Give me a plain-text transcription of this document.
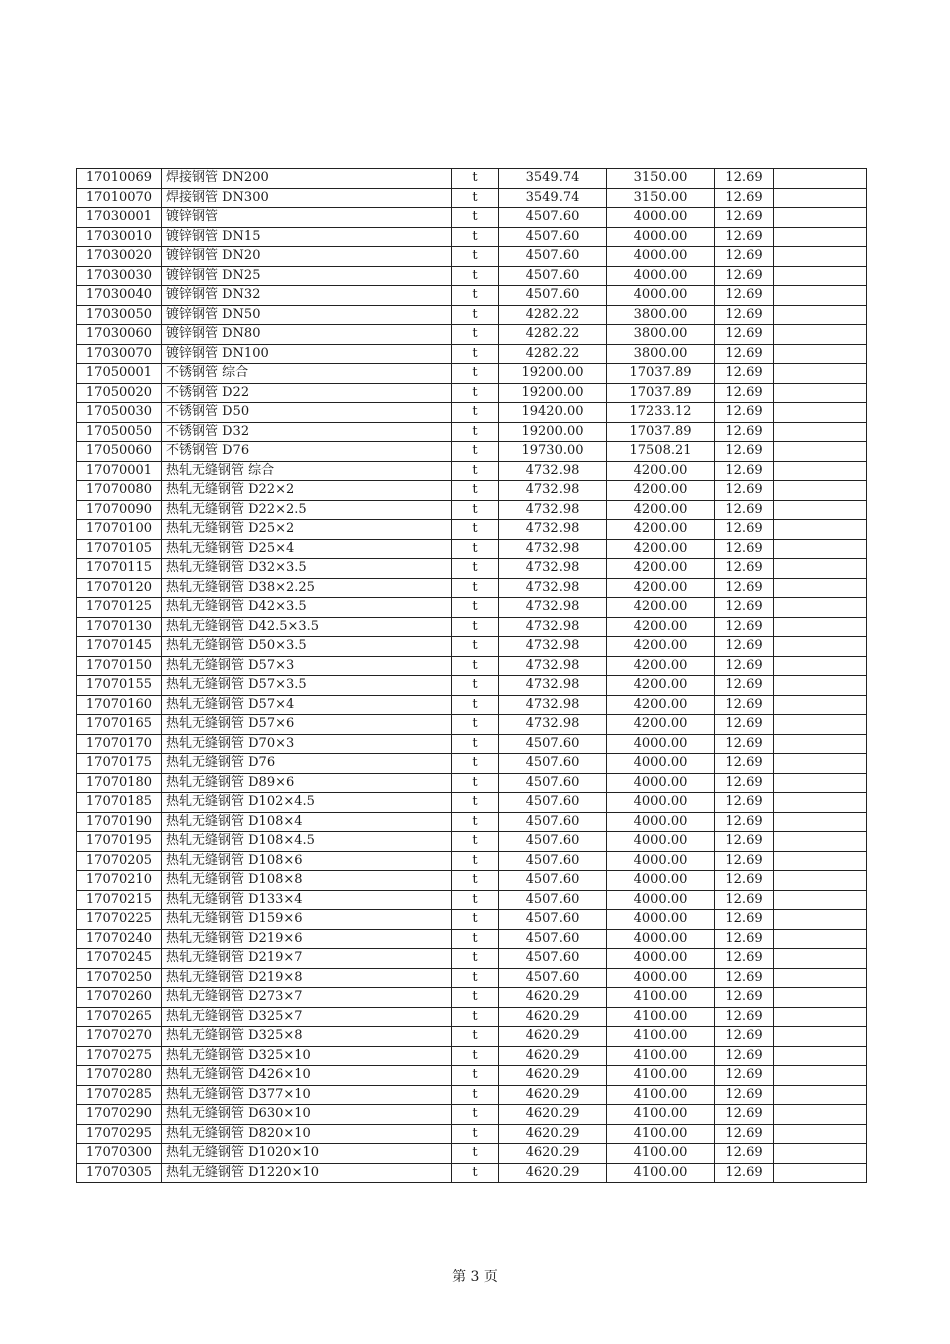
17010069	焊接钢管 DN200	t	3549.74	3150.00	12.69	
17010070	焊接钢管 DN300	t	3549.74	3150.00	12.69	
17030001	镀锌钢管	t	4507.60	4000.00	12.69	
17030010	镀锌钢管 DN15	t	4507.60	4000.00	12.69	
17030020	镀锌钢管 DN20	t	4507.60	4000.00	12.69	
17030030	镀锌钢管 DN25	t	4507.60	4000.00	12.69	
17030040	镀锌钢管 DN32	t	4507.60	4000.00	12.69	
17030050	镀锌钢管 DN50	t	4282.22	3800.00	12.69	
17030060	镀锌钢管 DN80	t	4282.22	3800.00	12.69	
17030070	镀锌钢管 DN100	t	4282.22	3800.00	12.69	
17050001	不锈钢管 综合	t	19200.00	17037.89	12.69	
17050020	不锈钢管 D22	t	19200.00	17037.89	12.69	
17050030	不锈钢管 D50	t	19420.00	17233.12	12.69	
17050050	不锈钢管 D32	t	19200.00	17037.89	12.69	
17050060	不锈钢管 D76	t	19730.00	17508.21	12.69	
17070001	热轧无缝钢管 综合	t	4732.98	4200.00	12.69	
17070080	热轧无缝钢管 D22×2	t	4732.98	4200.00	12.69	
17070090	热轧无缝钢管 D22×2.5	t	4732.98	4200.00	12.69	
17070100	热轧无缝钢管 D25×2	t	4732.98	4200.00	12.69	
17070105	热轧无缝钢管 D25×4	t	4732.98	4200.00	12.69	
17070115	热轧无缝钢管 D32×3.5	t	4732.98	4200.00	12.69	
17070120	热轧无缝钢管 D38×2.25	t	4732.98	4200.00	12.69	
17070125	热轧无缝钢管 D42×3.5	t	4732.98	4200.00	12.69	
17070130	热轧无缝钢管 D42.5×3.5	t	4732.98	4200.00	12.69	
17070145	热轧无缝钢管 D50×3.5	t	4732.98	4200.00	12.69	
17070150	热轧无缝钢管 D57×3	t	4732.98	4200.00	12.69	
17070155	热轧无缝钢管 D57×3.5	t	4732.98	4200.00	12.69	
17070160	热轧无缝钢管 D57×4	t	4732.98	4200.00	12.69	
17070165	热轧无缝钢管 D57×6	t	4732.98	4200.00	12.69	
17070170	热轧无缝钢管 D70×3	t	4507.60	4000.00	12.69	
17070175	热轧无缝钢管 D76	t	4507.60	4000.00	12.69	
17070180	热轧无缝钢管 D89×6	t	4507.60	4000.00	12.69	
17070185	热轧无缝钢管 D102×4.5	t	4507.60	4000.00	12.69	
17070190	热轧无缝钢管 D108×4	t	4507.60	4000.00	12.69	
17070195	热轧无缝钢管 D108×4.5	t	4507.60	4000.00	12.69	
17070205	热轧无缝钢管 D108×6	t	4507.60	4000.00	12.69	
17070210	热轧无缝钢管 D108×8	t	4507.60	4000.00	12.69	
17070215	热轧无缝钢管 D133×4	t	4507.60	4000.00	12.69	
17070225	热轧无缝钢管 D159×6	t	4507.60	4000.00	12.69	
17070240	热轧无缝钢管 D219×6	t	4507.60	4000.00	12.69	
17070245	热轧无缝钢管 D219×7	t	4507.60	4000.00	12.69	
17070250	热轧无缝钢管 D219×8	t	4507.60	4000.00	12.69	
17070260	热轧无缝钢管 D273×7	t	4620.29	4100.00	12.69	
17070265	热轧无缝钢管 D325×7	t	4620.29	4100.00	12.69	
17070270	热轧无缝钢管 D325×8	t	4620.29	4100.00	12.69	
17070275	热轧无缝钢管 D325×10	t	4620.29	4100.00	12.69	
17070280	热轧无缝钢管 D426×10	t	4620.29	4100.00	12.69	
17070285	热轧无缝钢管 D377×10	t	4620.29	4100.00	12.69	
17070290	热轧无缝钢管 D630×10	t	4620.29	4100.00	12.69	
17070295	热轧无缝钢管 D820×10	t	4620.29	4100.00	12.69	
17070300	热轧无缝钢管 D1020×10	t	4620.29	4100.00	12.69	
17070305	热轧无缝钢管 D1220×10	t	4620.29	4100.00	12.69	
第 3 页
